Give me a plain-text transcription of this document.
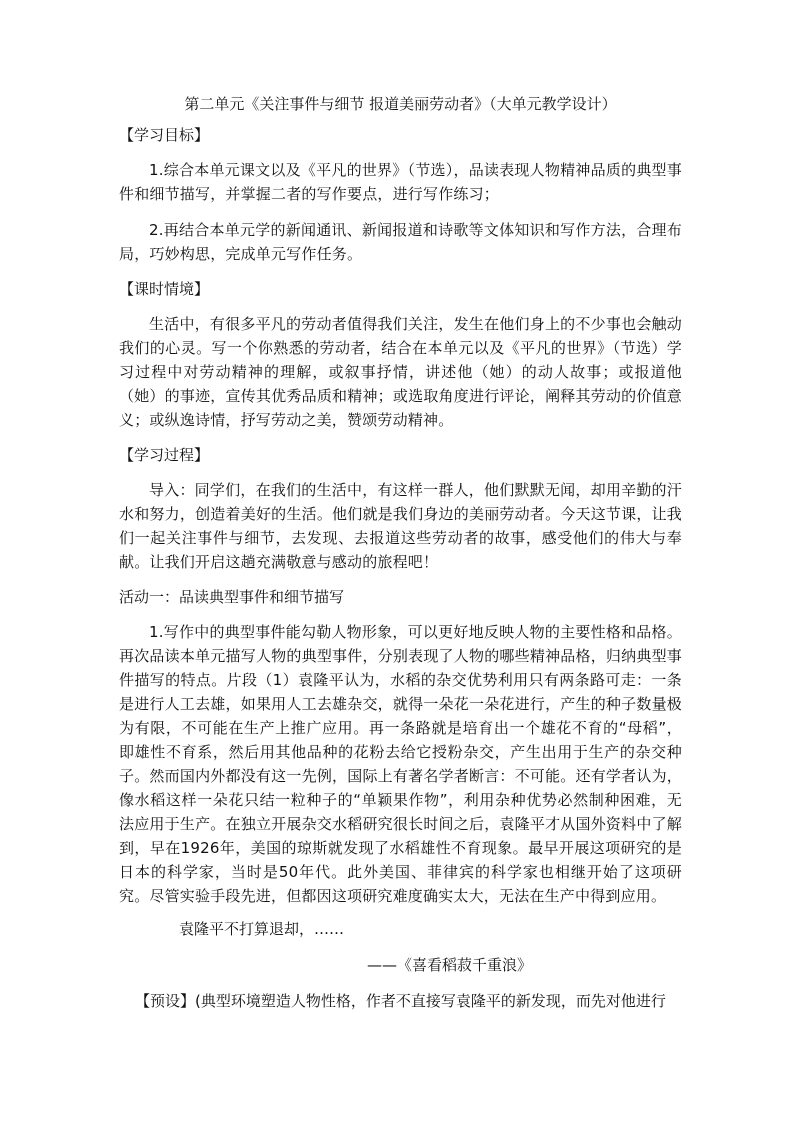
第二单元《关注事件与细节 报道美丽劳动者》（大单元教学设计）
【学习目标】
1.综合本单元课文以及《平凡的世界》（节选），品读表现人物精神品质的典型事件和细节描写，并掌握二者的写作要点，进行写作练习；
2.再结合本单元学的新闻通讯、新闻报道和诗歌等文体知识和写作方法，合理布局，巧妙构思，完成单元写作任务。
【课时情境】
生活中，有很多平凡的劳动者值得我们关注，发生在他们身上的不少事也会触动我们的心灵。写一个你熟悉的劳动者，结合在本单元以及《平凡的世界》（节选）学习过程中对劳动精神的理解，或叙事抒情，讲述他（她）的动人故事；或报道他（她）的事迹，宣传其优秀品质和精神；或选取角度进行评论，阐释其劳动的价值意义；或纵逸诗情，抒写劳动之美，赞颂劳动精神。
【学习过程】
导入：同学们，在我们的生活中，有这样一群人，他们默默无闻，却用辛勤的汗水和努力，创造着美好的生活。他们就是我们身边的美丽劳动者。今天这节课，让我们一起关注事件与细节，去发现、去报道这些劳动者的故事，感受他们的伟大与奉献。让我们开启这趟充满敬意与感动的旅程吧！
活动一：品读典型事件和细节描写
1.写作中的典型事件能勾勒人物形象，可以更好地反映人物的主要性格和品格。再次品读本单元描写人物的典型事件，分别表现了人物的哪些精神品格，归纳典型事件描写的特点。片段（1）袁隆平认为，水稻的杂交优势利用只有两条路可走：一条是进行人工去雄，如果用人工去雄杂交，就得一朵花一朵花进行，产生的种子数量极为有限，不可能在生产上推广应用。再一条路就是培育出一个雄花不育的“母稻”，即雄性不育系，然后用其他品种的花粉去给它授粉杂交，产生出用于生产的杂交种子。然而国内外都没有这一先例，国际上有著名学者断言：不可能。还有学者认为，像水稻这样一朵花只结一粒种子的“单颖果作物”，利用杂种优势必然制种困难，无法应用于生产。在独立开展杂交水稻研究很长时间之后，袁隆平才从国外资料中了解到，早在1926年，美国的琼斯就发现了水稻雄性不育现象。最早开展这项研究的是日本的科学家，当时是50年代。此外美国、菲律宾的科学家也相继开始了这项研究。尽管实验手段先进，但都因这项研究难度确实太大，无法在生产中得到应用。
袁隆平不打算退却，……
——《喜看稻菽千重浪》
【预设】(典型环境塑造人物性格，作者不直接写袁隆平的新发现，而先对他进行
